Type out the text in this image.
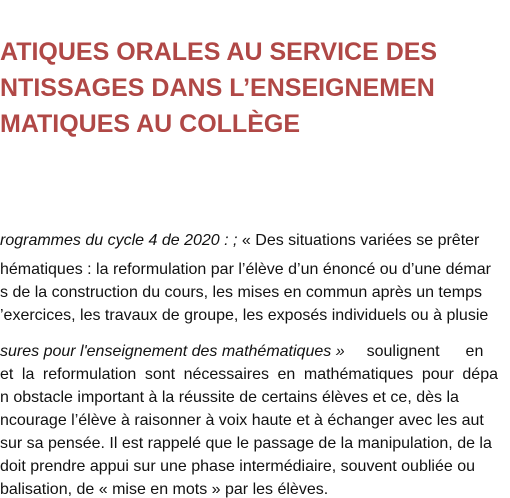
ATIQUES ORALES AU SERVICE DES
NTISSAGES DANS L’ENSEIGNEMEN
MATIQUES AU COLLÈGE
rogrammes du cycle 4 de 2020 : ; « Des situations variées se prêter
hématiques : la reformulation par l’élève d’un énoncé ou d’une démar
s de la construction du cours, les mises en commun après un temps
’exercices, les travaux de groupe, les exposés individuels ou à plusie
sures pour l'enseignement des mathématiques » soulignent en
et la reformulation sont nécessaires en mathématiques pour dépa
n obstacle important à la réussite de certains élèves et ce, dès la
ncourage l’élève à raisonner à voix haute et à échanger avec les aut
sur sa pensée. Il est rappelé que le passage de la manipulation, de la
doit prendre appui sur une phase intermédiaire, souvent oubliée ou
balisation, de « mise en mots » par les élèves.
